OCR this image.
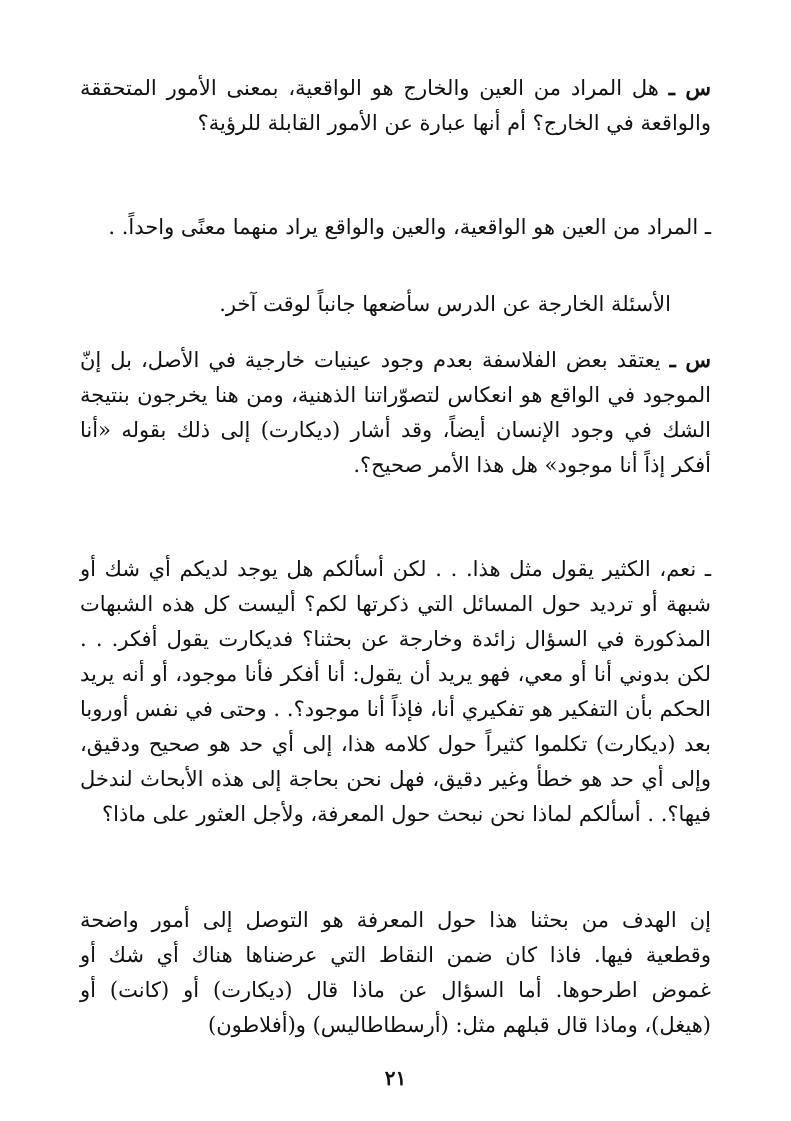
س ـ هل المراد من العين والخارج هو الواقعية، بمعنى الأمور المتحققة والواقعة في الخارج؟ أم أنها عبارة عن الأمور القابلة للرؤية؟

ـ المراد من العين هو الواقعية، والعين والواقع يراد منهما معنًى واحداً. .

الأسئلة الخارجة عن الدرس سأضعها جانباً لوقت آخر.

س ـ يعتقد بعض الفلاسفة بعدم وجود عينيات خارجية في الأصل، بل إنّ الموجود في الواقع هو انعكاس لتصوّراتنا الذهنية، ومن هنا يخرجون بنتيجة الشك في وجود الإنسان أيضاً، وقد أشار (ديكارت) إلى ذلك بقوله «أنا أفكر إذاً أنا موجود» هل هذا الأمر صحيح؟.

ـ نعم، الكثير يقول مثل هذا. . . لكن أسألكم هل يوجد لديكم أي شك أو شبهة أو ترديد حول المسائل التي ذكرتها لكم؟ أليست كل هذه الشبهات المذكورة في السؤال زائدة وخارجة عن بحثنا؟ فديكارت يقول أفكر. . . لكن بدوني أنا أو معي، فهو يريد أن يقول: أنا أفكر فأنا موجود، أو أنه يريد الحكم بأن التفكير هو تفكيري أنا، فإذاً أنا موجود؟. . وحتى في نفس أوروبا بعد (ديكارت) تكلموا كثيراً حول كلامه هذا، إلى أي حد هو صحيح ودقيق، وإلى أي حد هو خطأ وغير دقيق، فهل نحن بحاجة إلى هذه الأبحاث لندخل فيها؟. . أسألكم لماذا نحن نبحث حول المعرفة، ولأجل العثور على ماذا؟

إن الهدف من بحثنا هذا حول المعرفة هو التوصل إلى أمور واضحة وقطعية فيها. فاذا كان ضمن النقاط التي عرضناها هناك أي شك أو غموض اطرحوها. أما السؤال عن ماذا قال (ديكارت) أو (كانت) أو (هيغل)، وماذا قال قبلهم مثل: (أرسطاطاليس) و(أفلاطون)

٢١
